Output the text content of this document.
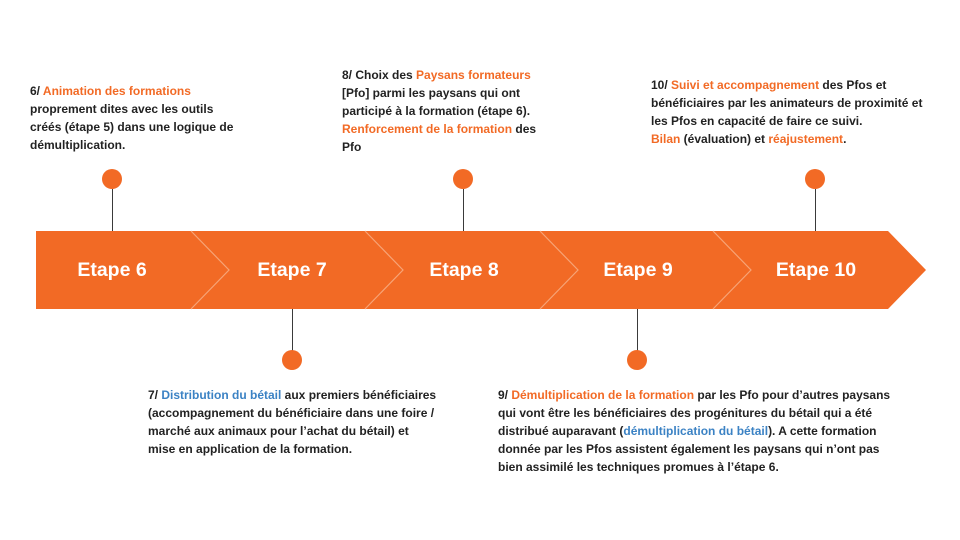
Etape 6	Etape 7	Etape 8	Etape 9	Etape 10
6/ Animation des formations
proprement dites avec les outils créés (étape 5) dans une logique de démultiplication.
8/ Choix des Paysans formateurs
[Pfo] parmi les paysans qui ont participé à la formation (étape 6).
Renforcement de la formation des Pfo
10/ Suivi et accompagnement des Pfos et bénéficiaires par les animateurs de proximité et les Pfos en capacité de faire ce suivi.
Bilan (évaluation) et réajustement.
7/ Distribution du bétail aux premiers bénéficiaires (accompagnement du bénéficiaire dans une foire / marché aux animaux pour l’achat du bétail) et mise en application de la formation.
9/ Démultiplication de la formation par les Pfo pour d’autres paysans qui vont être les bénéficiaires des progénitures du bétail qui a été distribué auparavant (démultiplication du bétail). A cette formation donnée par les Pfos assistent également les paysans qui n’ont pas bien assimilé les techniques promues à l’étape 6.
